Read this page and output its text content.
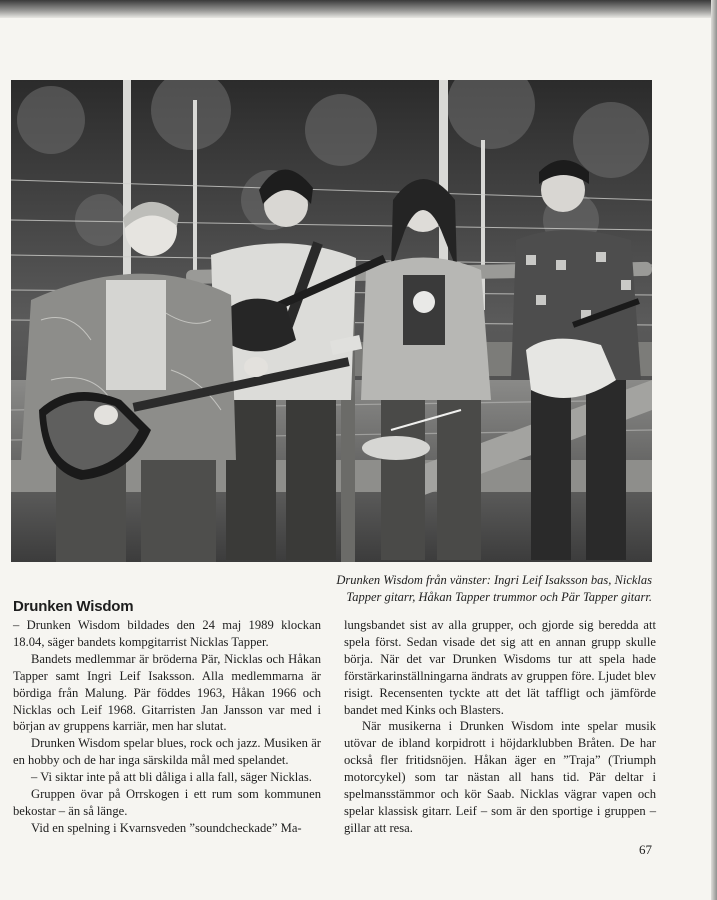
Drunken Wisdom från vänster: Ingri Leif Isaksson bas, Nicklas
Tapper gitarr, Håkan Tapper trummor och Pär Tapper gitarr.
Drunken Wisdom

– Drunken Wisdom bildades den 24 maj 1989 klockan 18.04, säger bandets kompgitarrist Nicklas Tapper.

Bandets medlemmar är bröderna Pär, Nicklas och Håkan Tapper samt Ingri Leif Isaksson. Alla medlemmarna är bördiga från Malung. Pär föddes 1963, Håkan 1966 och Nicklas och Leif 1968. Gitarristen Jan Jansson var med i början av gruppens karriär, men har slutat.

Drunken Wisdom spelar blues, rock och jazz. Musiken är en hobby och de har inga särskilda mål med spelandet.

– Vi siktar inte på att bli dåliga i alla fall, säger Nicklas.

Gruppen övar på Orrskogen i ett rum som kommunen bekostar – än så länge.

Vid en spelning i Kvarnsveden ”soundcheckade” Ma-

lungsbandet sist av alla grupper, och gjorde sig beredda att spela först. Sedan visade det sig att en annan grupp skulle börja. När det var Drunken Wisdoms tur att spela hade förstärkarinställningarna ändrats av gruppen före. Ljudet blev risigt. Recensenten tyckte att det lät taffligt och jämförde bandet med Kinks och Blasters.

När musikerna i Drunken Wisdom inte spelar musik utövar de ibland korpidrott i höjdarklubben Bråten. De har också fler fritidsnöjen. Håkan äger en ”Traja” (Triumph motorcykel) som tar nästan all hans tid. Pär deltar i spelmansstämmor och kör Saab. Nicklas vägrar vapen och spelar klassisk gitarr. Leif – som är den sportige i gruppen – gillar att resa.

67
